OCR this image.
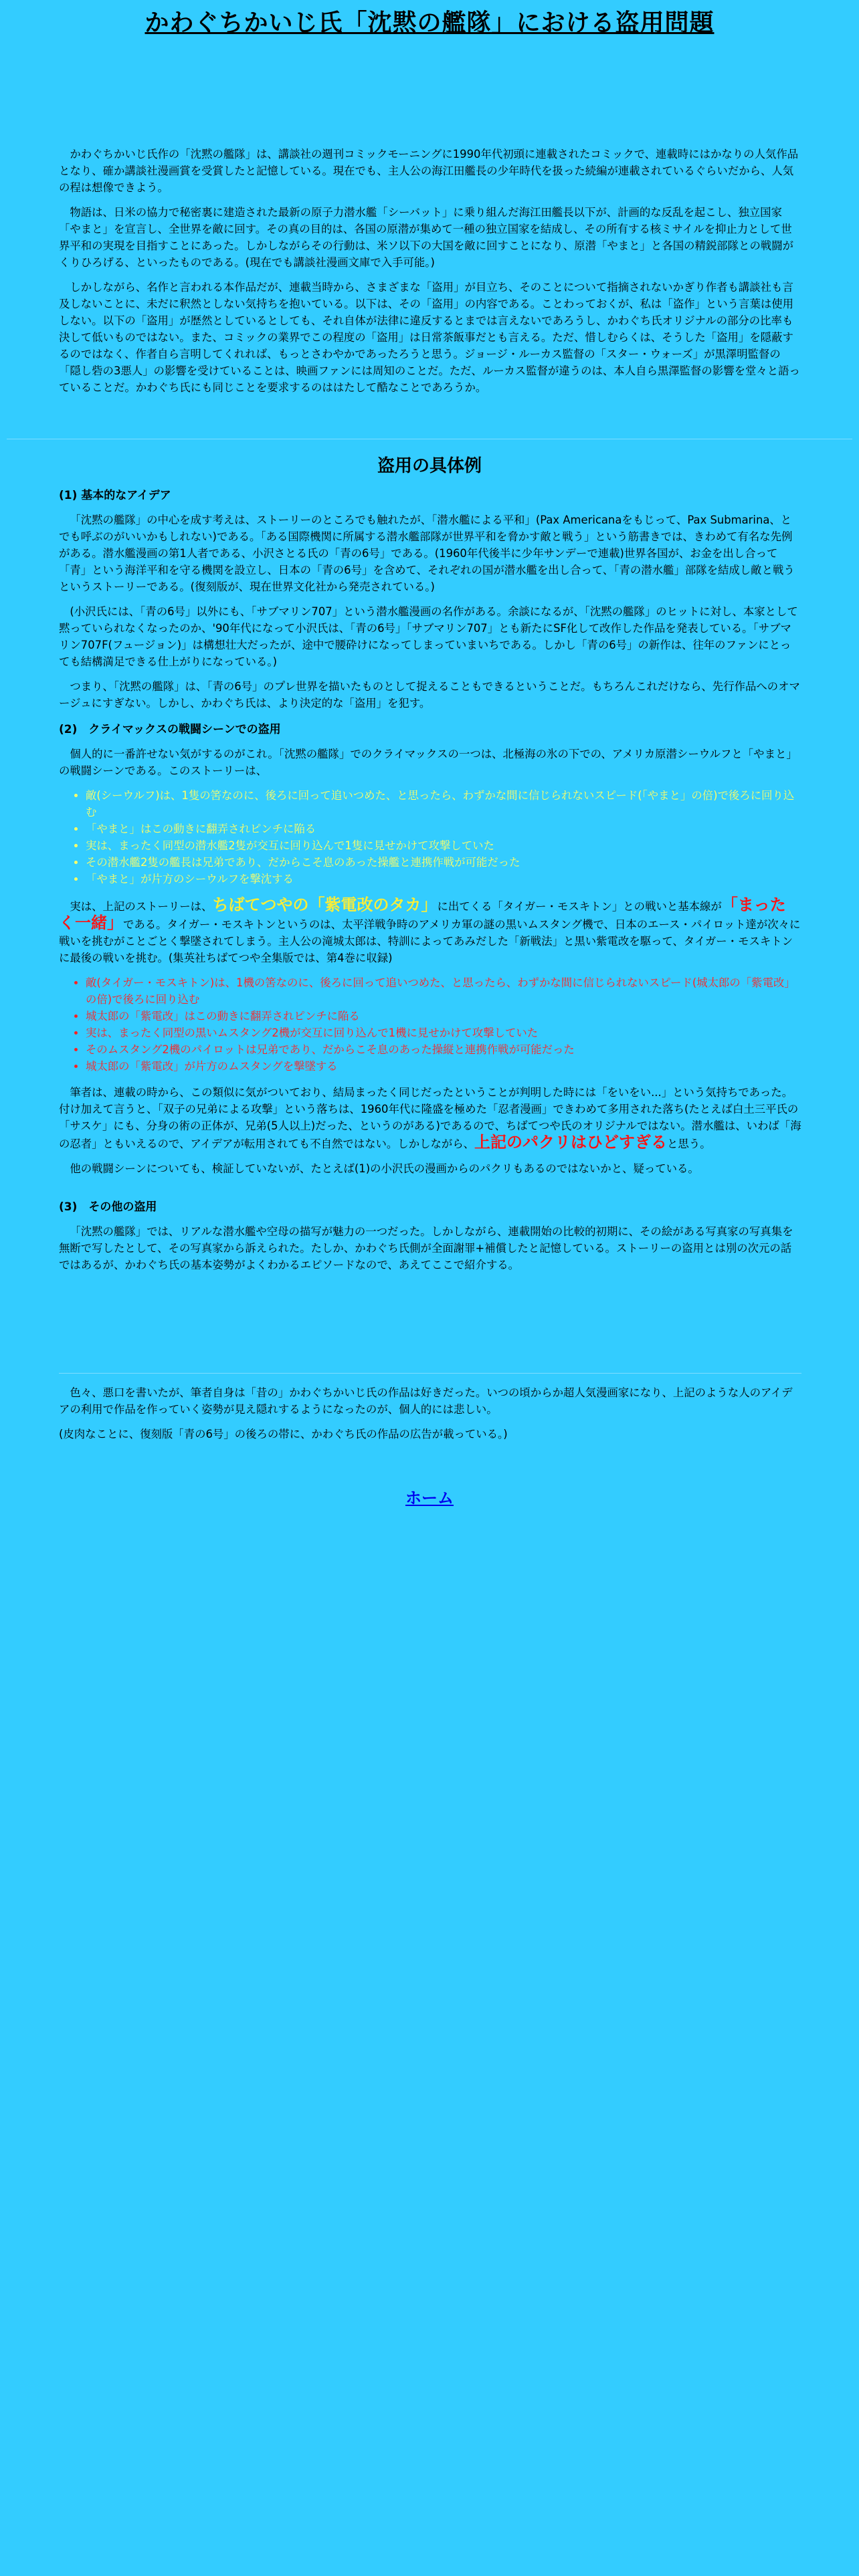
かわぐちかいじ氏「沈黙の艦隊」における盗用問題

かわぐちかいじ氏作の「沈黙の艦隊」は、講談社の週刊コミックモーニングに1990年代初頭に連載されたコミックで、連載時にはかなりの人気作品となり、確か講談社漫画賞を受賞したと記憶している。現在でも、主人公の海江田艦長の少年時代を扱った続編が連載されているぐらいだから、人気の程は想像できよう。

物語は、日米の協力で秘密裏に建造された最新の原子力潜水艦「シーバット」に乗り組んだ海江田艦長以下が、計画的な反乱を起こし、独立国家「やまと」を宣言し、全世界を敵に回す。その真の目的は、各国の原潜が集めて一種の独立国家を結成し、その所有する核ミサイルを抑止力として世界平和の実現を目指すことにあった。しかしながらその行動は、米ソ以下の大国を敵に回すことになり、原潜「やまと」と各国の精鋭部隊との戦闘がくりひろげる、といったものである。(現在でも講談社漫画文庫で入手可能。)

しかしながら、名作と言われる本作品だが、連載当時から、さまざまな「盗用」が目立ち、そのことについて指摘されないかぎり作者も講談社も言及しないことに、未だに釈然としない気持ちを抱いている。以下は、その「盗用」の内容である。ことわっておくが、私は「盗作」という言葉は使用しない。以下の「盗用」が歴然としているとしても、それ自体が法律に違反するとまでは言えないであろうし、かわぐち氏オリジナルの部分の比率も決して低いものではない。また、コミックの業界でこの程度の「盗用」は日常茶飯事だとも言える。ただ、惜しむらくは、そうした「盗用」を隠蔽するのではなく、作者自ら言明してくれれば、もっとさわやかであったろうと思う。ジョージ・ルーカス監督の「スター・ウォーズ」が黒澤明監督の「隠し砦の3悪人」の影響を受けていることは、映画ファンには周知のことだ。ただ、ルーカス監督が違うのは、本人自ら黒澤監督の影響を堂々と語っていることだ。かわぐち氏にも同じことを要求するのははたして酷なことであろうか。

盗用の具体例
(1) 基本的なアイデア

「沈黙の艦隊」の中心を成す考えは、ストーリーのところでも触れたが、「潜水艦による平和」(Pax Americanaをもじって、Pax Submarina、とでも呼ぶのがいいかもしれない)である。「ある国際機関に所属する潜水艦部隊が世界平和を脅かす敵と戦う」という筋書きでは、きわめて有名な先例がある。潜水艦漫画の第1人者である、小沢さとる氏の「青の6号」である。(1960年代後半に少年サンデーで連載)世界各国が、お金を出し合って「青」という海洋平和を守る機関を設立し、日本の「青の6号」を含めて、それぞれの国が潜水艦を出し合って、「青の潜水艦」部隊を結成し敵と戦うというストーリーである。(復刻版が、現在世界文化社から発売されている。)

(小沢氏には、「青の6号」以外にも、「サブマリン707」という潜水艦漫画の名作がある。余談になるが、「沈黙の艦隊」のヒットに対し、本家として黙っていられなくなったのか、'90年代になって小沢氏は、「青の6号」「サブマリン707」とも新たにSF化して改作した作品を発表している。「サブマリン707F(フュージョン)」は構想壮大だったが、途中で腰砕けになってしまっていまいちである。しかし「青の6号」の新作は、往年のファンにとっても結構満足できる仕上がりになっている。)

つまり、「沈黙の艦隊」は、「青の6号」のプレ世界を描いたものとして捉えることもできるということだ。もちろんこれだけなら、先行作品へのオマージュにすぎない。しかし、かわぐち氏は、より決定的な「盗用」を犯す。

(2)　クライマックスの戦闘シーンでの盗用

個人的に一番許せない気がするのがこれ。「沈黙の艦隊」でのクライマックスの一つは、北極海の氷の下での、アメリカ原潜シーウルフと「やまと」の戦闘シーンである。このストーリーは、

• 敵(シーウルフ)は、1隻の筈なのに、後ろに回って追いつめた、と思ったら、わずかな間に信じられないスピード(「やまと」の倍)で後ろに回り込む
• 「やまと」はこの動きに翻弄されピンチに陥る
• 実は、まったく同型の潜水艦2隻が交互に回り込んで1隻に見せかけて攻撃していた
• その潜水艦2隻の艦長は兄弟であり、だからこそ息のあった操艦と連携作戦が可能だった
• 「やまと」が片方のシーウルフを撃沈する

実は、上記のストーリーは、ちばてつやの「紫電改のタカ」に出てくる「タイガー・モスキトン」との戦いと基本線が「まったく一緒」である。タイガー・モスキトンというのは、太平洋戦争時のアメリカ軍の謎の黒いムスタング機で、日本のエース・パイロット達が次々に戦いを挑むがことごとく撃墜されてしまう。主人公の滝城太郎は、特訓によってあみだした「新戦法」と黒い紫電改を駆って、タイガー・モスキトンに最後の戦いを挑む。(集英社ちばてつや全集版では、第4巻に収録)

• 敵(タイガー・モスキトン)は、1機の筈なのに、後ろに回って追いつめた、と思ったら、わずかな間に信じられないスピード(城太郎の「紫電改」の倍)で後ろに回り込む
• 城太郎の「紫電改」はこの動きに翻弄されピンチに陥る
• 実は、まったく同型の黒いムスタング2機が交互に回り込んで1機に見せかけて攻撃していた
• そのムスタング2機のパイロットは兄弟であり、だからこそ息のあった操縦と連携作戦が可能だった
• 城太郎の「紫電改」が片方のムスタングを撃墜する

筆者は、連載の時から、この類似に気がついており、結局まったく同じだったということが判明した時には「をいをい...」という気持ちであった。付け加えて言うと、「双子の兄弟による攻撃」という落ちは、1960年代に隆盛を極めた「忍者漫画」できわめて多用された落ち(たとえば白土三平氏の「サスケ」にも、分身の術の正体が、兄弟(5人以上)だった、というのがある)であるので、ちばてつや氏のオリジナルではない。潜水艦は、いわば「海の忍者」ともいえるので、アイデアが転用されても不自然ではない。しかしながら、上記のパクリはひどすぎると思う。

他の戦闘シーンについても、検証していないが、たとえば(1)の小沢氏の漫画からのパクリもあるのではないかと、疑っている。

(3)　その他の盗用

「沈黙の艦隊」では、リアルな潜水艦や空母の描写が魅力の一つだった。しかしながら、連載開始の比較的初期に、その絵がある写真家の写真集を無断で写したとして、その写真家から訴えられた。たしか、かわぐち氏側が全面謝罪+補償したと記憶している。ストーリーの盗用とは別の次元の話ではあるが、かわぐち氏の基本姿勢がよくわかるエピソードなので、あえてここで紹介する。

色々、悪口を書いたが、筆者自身は「昔の」かわぐちかいじ氏の作品は好きだった。いつの頃からか超人気漫画家になり、上記のような人のアイデアの利用で作品を作っていく姿勢が見え隠れするようになったのが、個人的には悲しい。

(皮肉なことに、復刻版「青の6号」の後ろの帯に、かわぐち氏の作品の広告が載っている。)

ホーム
